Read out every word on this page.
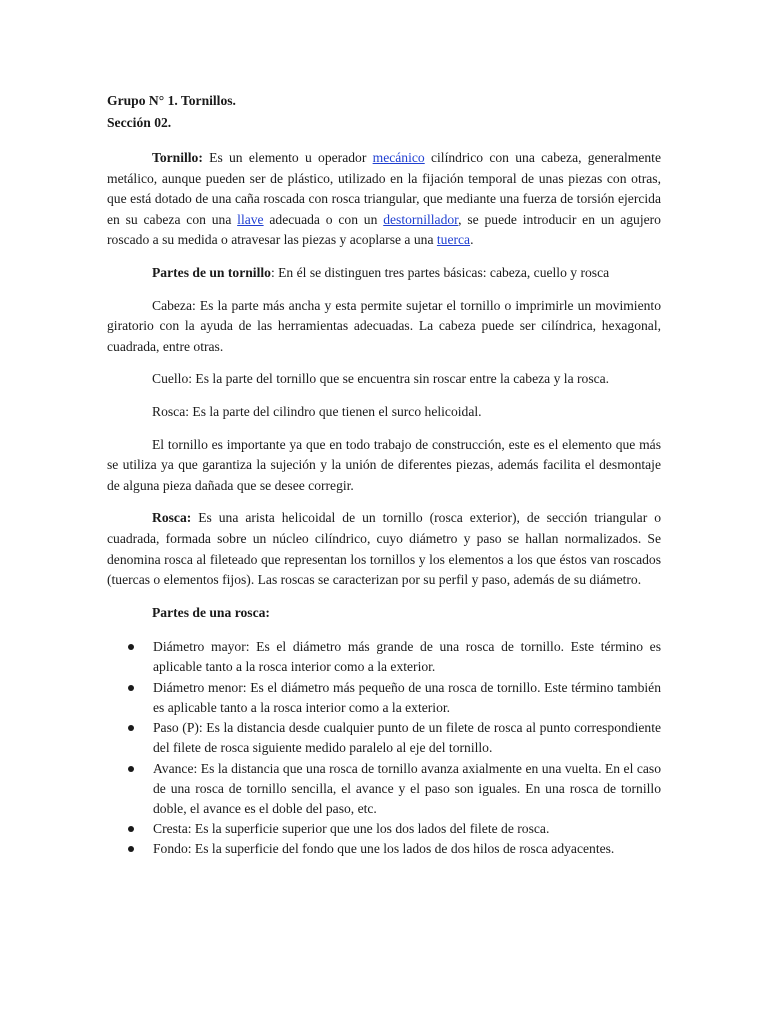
Grupo N° 1. Tornillos.
Sección 02.

Tornillo: Es un elemento u operador mecánico cilíndrico con una cabeza, generalmente metálico, aunque pueden ser de plástico, utilizado en la fijación temporal de unas piezas con otras, que está dotado de una caña roscada con rosca triangular, que mediante una fuerza de torsión ejercida en su cabeza con una llave adecuada o con un destornillador, se puede introducir en un agujero roscado a su medida o atravesar las piezas y acoplarse a una tuerca.

Partes de un tornillo: En él se distinguen tres partes básicas: cabeza, cuello y rosca

Cabeza: Es la parte más ancha y esta permite sujetar el tornillo o imprimirle un movimiento giratorio con la ayuda de las herramientas adecuadas. La cabeza puede ser cilíndrica, hexagonal, cuadrada, entre otras.

Cuello: Es la parte del tornillo que se encuentra sin roscar entre la cabeza y la rosca.

Rosca: Es la parte del cilindro que tienen el surco helicoidal.

El tornillo es importante ya que en todo trabajo de construcción, este es el elemento que más se utiliza ya que garantiza la sujeción y la unión de diferentes piezas, además facilita el desmontaje de alguna pieza dañada que se desee corregir.

Rosca: Es una arista helicoidal de un tornillo (rosca exterior), de sección triangular o cuadrada, formada sobre un núcleo cilíndrico, cuyo diámetro y paso se hallan normalizados. Se denomina rosca al fileteado que representan los tornillos y los elementos a los que éstos van roscados (tuercas o elementos fijos). Las roscas se caracterizan por su perfil y paso, además de su diámetro.

Partes de una rosca:
Diámetro mayor: Es el diámetro más grande de una rosca de tornillo. Este término es aplicable tanto a la rosca interior como a la exterior.
Diámetro menor: Es el diámetro más pequeño de una rosca de tornillo. Este término también es aplicable tanto a la rosca interior como a la exterior.
Paso (P): Es la distancia desde cualquier punto de un filete de rosca al punto correspondiente del filete de rosca siguiente medido paralelo al eje del tornillo.
Avance: Es la distancia que una rosca de tornillo avanza axialmente en una vuelta. En el caso de una rosca de tornillo sencilla, el avance y el paso son iguales. En una rosca de tornillo doble, el avance es el doble del paso, etc.
Cresta: Es la superficie superior que une los dos lados del filete de rosca.
Fondo: Es la superficie del fondo que une los lados de dos hilos de rosca adyacentes.
